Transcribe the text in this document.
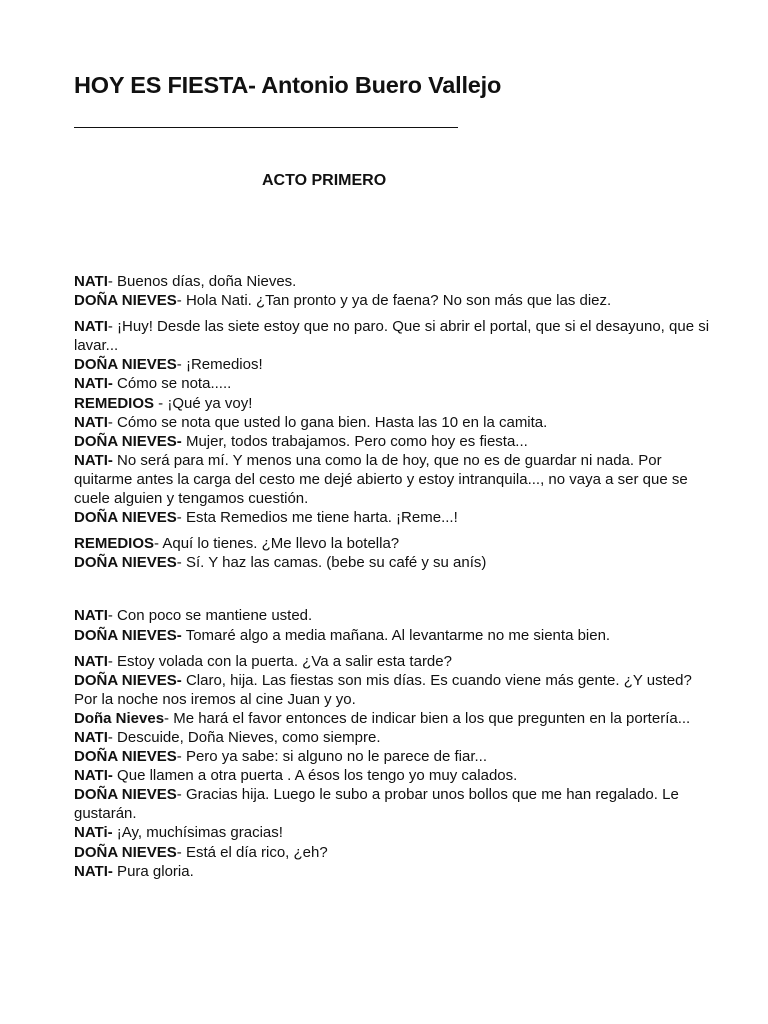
HOY ES FIESTA- Antonio Buero Vallejo
ACTO PRIMERO

NATI- Buenos días, doña Nieves.

DOÑA NIEVES- Hola Nati. ¿Tan pronto y ya de faena? No son más que las diez.

NATI- ¡Huy! Desde las siete estoy que no paro. Que si abrir el portal, que si el desayuno, que si lavar...

DOÑA NIEVES- ¡Remedios!

NATI- Cómo se nota.....

REMEDIOS - ¡Qué ya voy!

NATI- Cómo se nota que usted lo gana bien. Hasta las 10 en la camita.

DOÑA NIEVES- Mujer, todos trabajamos. Pero como hoy es fiesta...

NATI- No será para mí. Y menos una como la de hoy, que no es de guardar ni nada. Por quitarme antes la carga del cesto me dejé abierto y estoy intranquila..., no vaya a ser que se cuele alguien y tengamos cuestión.

DOÑA NIEVES- Esta Remedios me tiene harta. ¡Reme...!

REMEDIOS- Aquí lo tienes. ¿Me llevo la botella?

DOÑA NIEVES- Sí. Y haz las camas. (bebe su café y su anís)

NATI- Con poco se mantiene usted.

DOÑA NIEVES- Tomaré algo a media mañana. Al levantarme no me sienta bien.

NATI- Estoy volada con la puerta. ¿Va a salir esta tarde?

DOÑA NIEVES- Claro, hija. Las fiestas son mis días. Es cuando viene más gente. ¿Y usted? Por la noche nos iremos al cine Juan y yo.

Doña Nieves- Me hará el favor entonces de indicar bien a los que pregunten en la portería...

NATI- Descuide, Doña Nieves, como siempre.

DOÑA NIEVES- Pero ya sabe: si alguno no le parece de fiar...

NATI- Que llamen a otra puerta . A ésos los tengo yo muy calados.

DOÑA NIEVES- Gracias hija. Luego le subo a probar unos bollos que me han regalado. Le gustarán.

NATi- ¡Ay, muchísimas gracias!

DOÑA NIEVES- Está el día rico, ¿eh?

NATI- Pura gloria.
